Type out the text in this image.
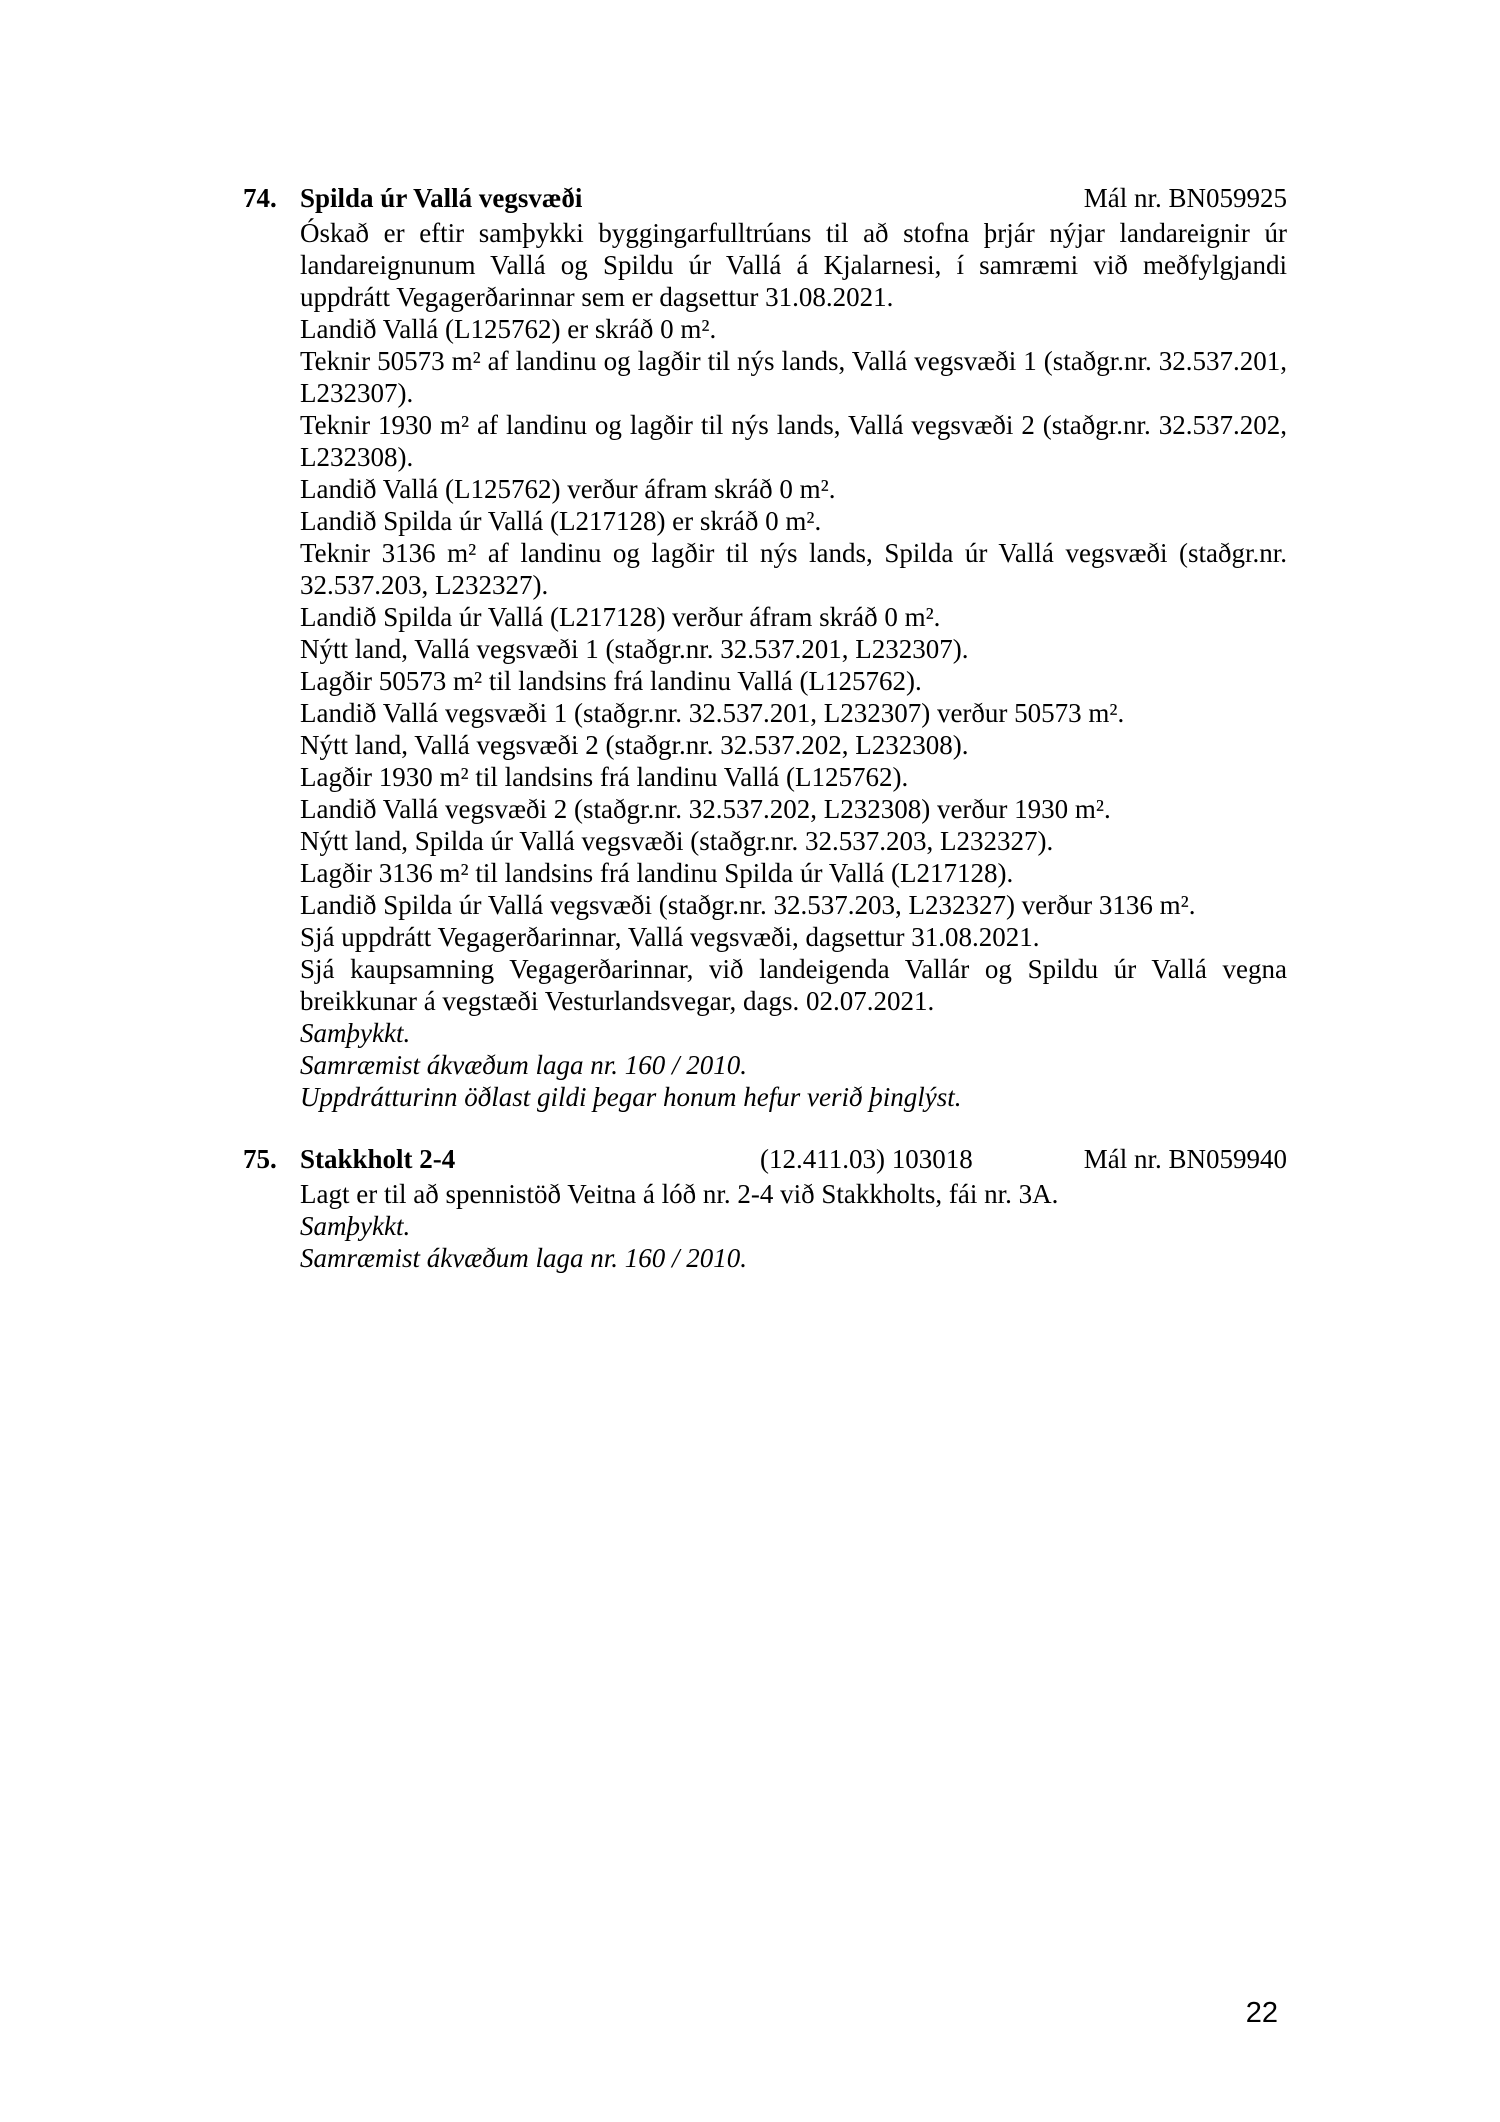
74. Spilda úr Vallá vegsvæði	Mál nr. BN059925

Óskað er eftir samþykki byggingarfulltrúans til að stofna þrjár nýjar landareignir úr landareignunum Vallá og Spildu úr Vallá á Kjalarnesi, í samræmi við meðfylgjandi uppdrátt Vegagerðarinnar sem er dagsettur 31.08.2021.

Landið Vallá (L125762) er skráð 0 m².

Teknir 50573 m² af landinu og lagðir til nýs lands, Vallá vegsvæði 1 (staðgr.nr. 32.537.201, L232307).

Teknir 1930 m² af landinu og lagðir til nýs lands, Vallá vegsvæði 2 (staðgr.nr. 32.537.202, L232308).

Landið Vallá (L125762) verður áfram skráð 0 m².

Landið Spilda úr Vallá (L217128) er skráð 0 m².

Teknir 3136 m² af landinu og lagðir til nýs lands, Spilda úr Vallá vegsvæði (staðgr.nr. 32.537.203, L232327).

Landið Spilda úr Vallá (L217128) verður áfram skráð 0 m².

Nýtt land, Vallá vegsvæði 1 (staðgr.nr. 32.537.201, L232307).

Lagðir 50573 m² til landsins frá landinu Vallá (L125762).

Landið Vallá vegsvæði 1 (staðgr.nr. 32.537.201, L232307) verður 50573 m².

Nýtt land, Vallá vegsvæði 2 (staðgr.nr. 32.537.202, L232308).

Lagðir 1930 m² til landsins frá landinu Vallá (L125762).

Landið Vallá vegsvæði 2 (staðgr.nr. 32.537.202, L232308) verður 1930 m².

Nýtt land, Spilda úr Vallá vegsvæði (staðgr.nr. 32.537.203, L232327).

Lagðir 3136 m² til landsins frá landinu Spilda úr Vallá (L217128).

Landið Spilda úr Vallá vegsvæði (staðgr.nr. 32.537.203, L232327) verður 3136 m².

Sjá uppdrátt Vegagerðarinnar, Vallá vegsvæði, dagsettur 31.08.2021.

Sjá kaupsamning Vegagerðarinnar, við landeigenda Vallár og Spildu úr Vallá vegna breikkunar á vegstæði Vesturlandsvegar, dags. 02.07.2021.

Samþykkt.

Samræmist ákvæðum laga nr. 160 / 2010.

Uppdrátturinn öðlast gildi þegar honum hefur verið þinglýst.

75. Stakkholt 2-4	(12.411.03) 103018	Mál nr. BN059940

Lagt er til að spennistöð Veitna á lóð nr. 2-4 við Stakkholts, fái nr. 3A.

Samþykkt.

Samræmist ákvæðum laga nr. 160 / 2010.

22
